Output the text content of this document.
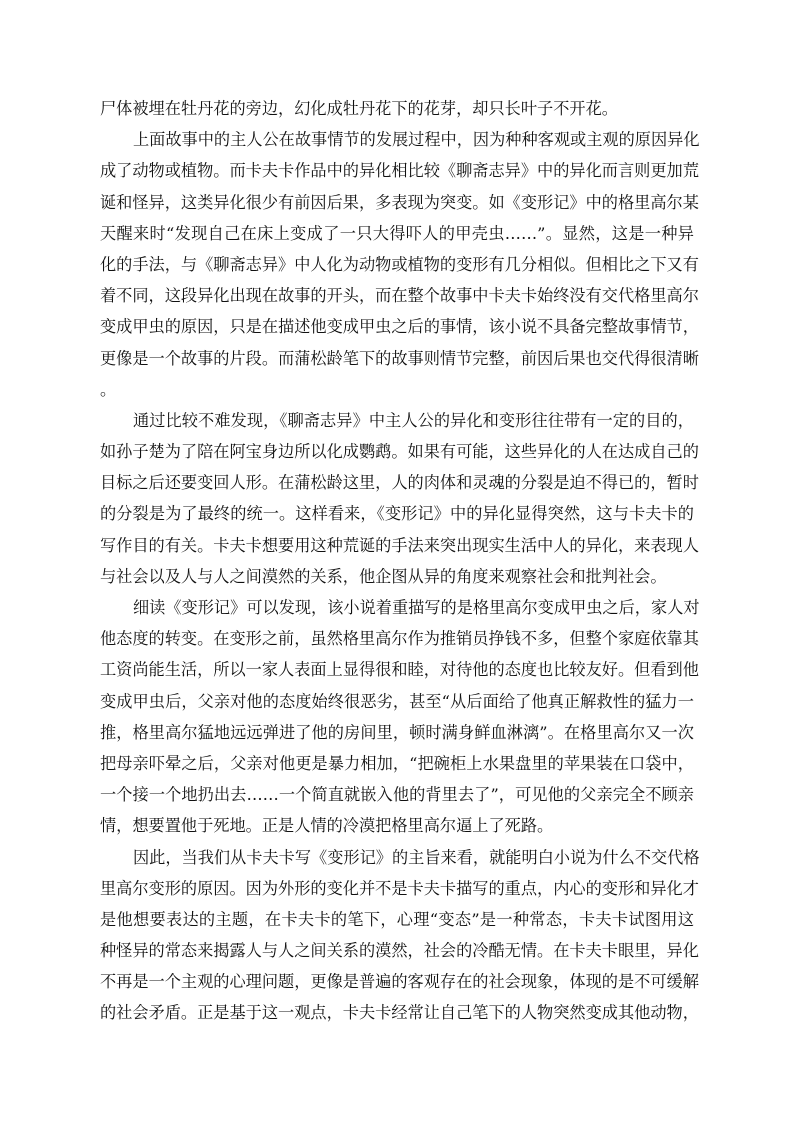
尸体被埋在牡丹花的旁边，幻化成牡丹花下的花芽，却只长叶子不开花。
上面故事中的主人公在故事情节的发展过程中，因为种种客观或主观的原因异化
成了动物或植物。而卡夫卡作品中的异化相比较《聊斋志异》中的异化而言则更加荒
诞和怪异，这类异化很少有前因后果，多表现为突变。如《变形记》中的格里高尔某
天醒来时“发现自己在床上变成了一只大得吓人的甲壳虫……”。显然，这是一种异
化的手法，与《聊斋志异》中人化为动物或植物的变形有几分相似。但相比之下又有
着不同，这段异化出现在故事的开头，而在整个故事中卡夫卡始终没有交代格里高尔
变成甲虫的原因，只是在描述他变成甲虫之后的事情，该小说不具备完整故事情节，
更像是一个故事的片段。而蒲松龄笔下的故事则情节完整，前因后果也交代得很清晰
。
通过比较不难发现，《聊斋志异》中主人公的异化和变形往往带有一定的目的，
如孙子楚为了陪在阿宝身边所以化成鹦鹉。如果有可能，这些异化的人在达成自己的
目标之后还要变回人形。在蒲松龄这里，人的肉体和灵魂的分裂是迫不得已的，暂时
的分裂是为了最终的统一。这样看来，《变形记》中的异化显得突然，这与卡夫卡的
写作目的有关。卡夫卡想要用这种荒诞的手法来突出现实生活中人的异化，来表现人
与社会以及人与人之间漠然的关系，他企图从异的角度来观察社会和批判社会。
细读《变形记》可以发现，该小说着重描写的是格里高尔变成甲虫之后，家人对
他态度的转变。在变形之前，虽然格里高尔作为推销员挣钱不多，但整个家庭依靠其
工资尚能生活，所以一家人表面上显得很和睦，对待他的态度也比较友好。但看到他
变成甲虫后，父亲对他的态度始终很恶劣，甚至“从后面给了他真正解救性的猛力一
推，格里高尔猛地远远弹进了他的房间里，顿时满身鲜血淋漓”。在格里高尔又一次
把母亲吓晕之后，父亲对他更是暴力相加，“把碗柜上水果盘里的苹果装在口袋中，
一个接一个地扔出去……一个简直就嵌入他的背里去了”，可见他的父亲完全不顾亲
情，想要置他于死地。正是人情的冷漠把格里高尔逼上了死路。
因此，当我们从卡夫卡写《变形记》的主旨来看，就能明白小说为什么不交代格
里高尔变形的原因。因为外形的变化并不是卡夫卡描写的重点，内心的变形和异化才
是他想要表达的主题，在卡夫卡的笔下，心理“变态”是一种常态，卡夫卡试图用这
种怪异的常态来揭露人与人之间关系的漠然，社会的冷酷无情。在卡夫卡眼里，异化
不再是一个主观的心理问题，更像是普遍的客观存在的社会现象，体现的是不可缓解
的社会矛盾。正是基于这一观点，卡夫卡经常让自己笔下的人物突然变成其他动物，
